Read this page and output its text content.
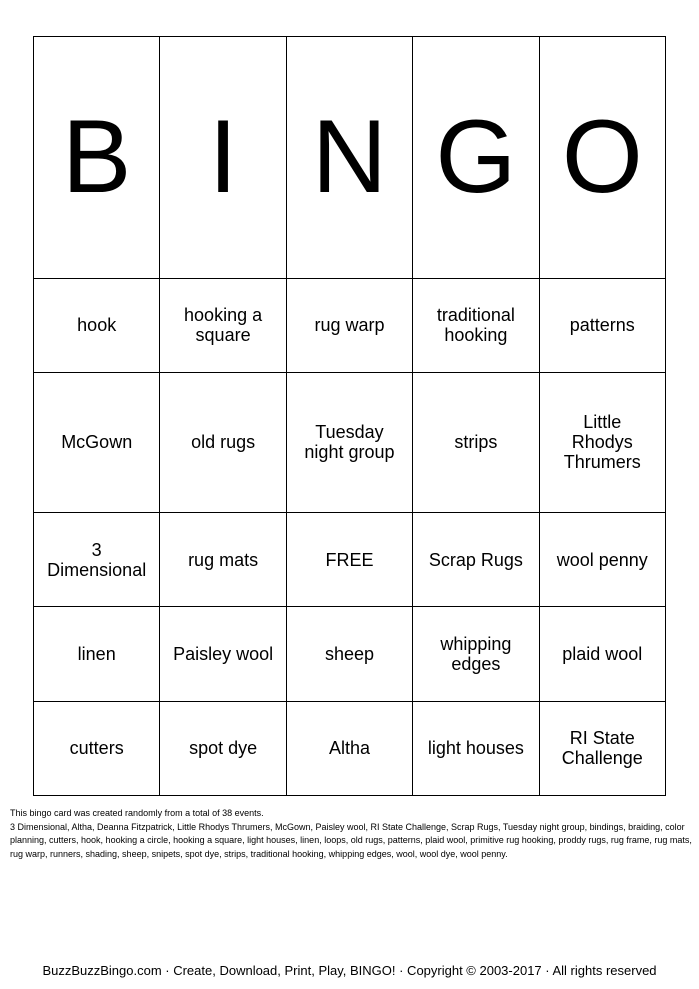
B	I	N	G	O
hook	hooking a square	rug warp	traditional hooking	patterns
McGown	old rugs	Tuesday night group	strips	Little Rhodys Thrumers
3 Dimensional	rug mats	FREE	Scrap Rugs	wool penny
linen	Paisley wool	sheep	whipping edges	plaid wool
cutters	spot dye	Altha	light houses	RI State Challenge
This bingo card was created randomly from a total of 38 events.
3 Dimensional, Altha, Deanna Fitzpatrick, Little Rhodys Thrumers, McGown, Paisley wool, RI State Challenge, Scrap Rugs, Tuesday night group, bindings, braiding, color planning, cutters, hook, hooking a circle, hooking a square, light houses, linen, loops, old rugs, patterns, plaid wool, primitive rug hooking, proddy rugs, rug frame, rug mats, rug warp, runners, shading, sheep, snipets, spot dye, strips, traditional hooking, whipping edges, wool, wool dye, wool penny.
BuzzBuzzBingo.com · Create, Download, Print, Play, BINGO! · Copyright © 2003-2017 · All rights reserved
